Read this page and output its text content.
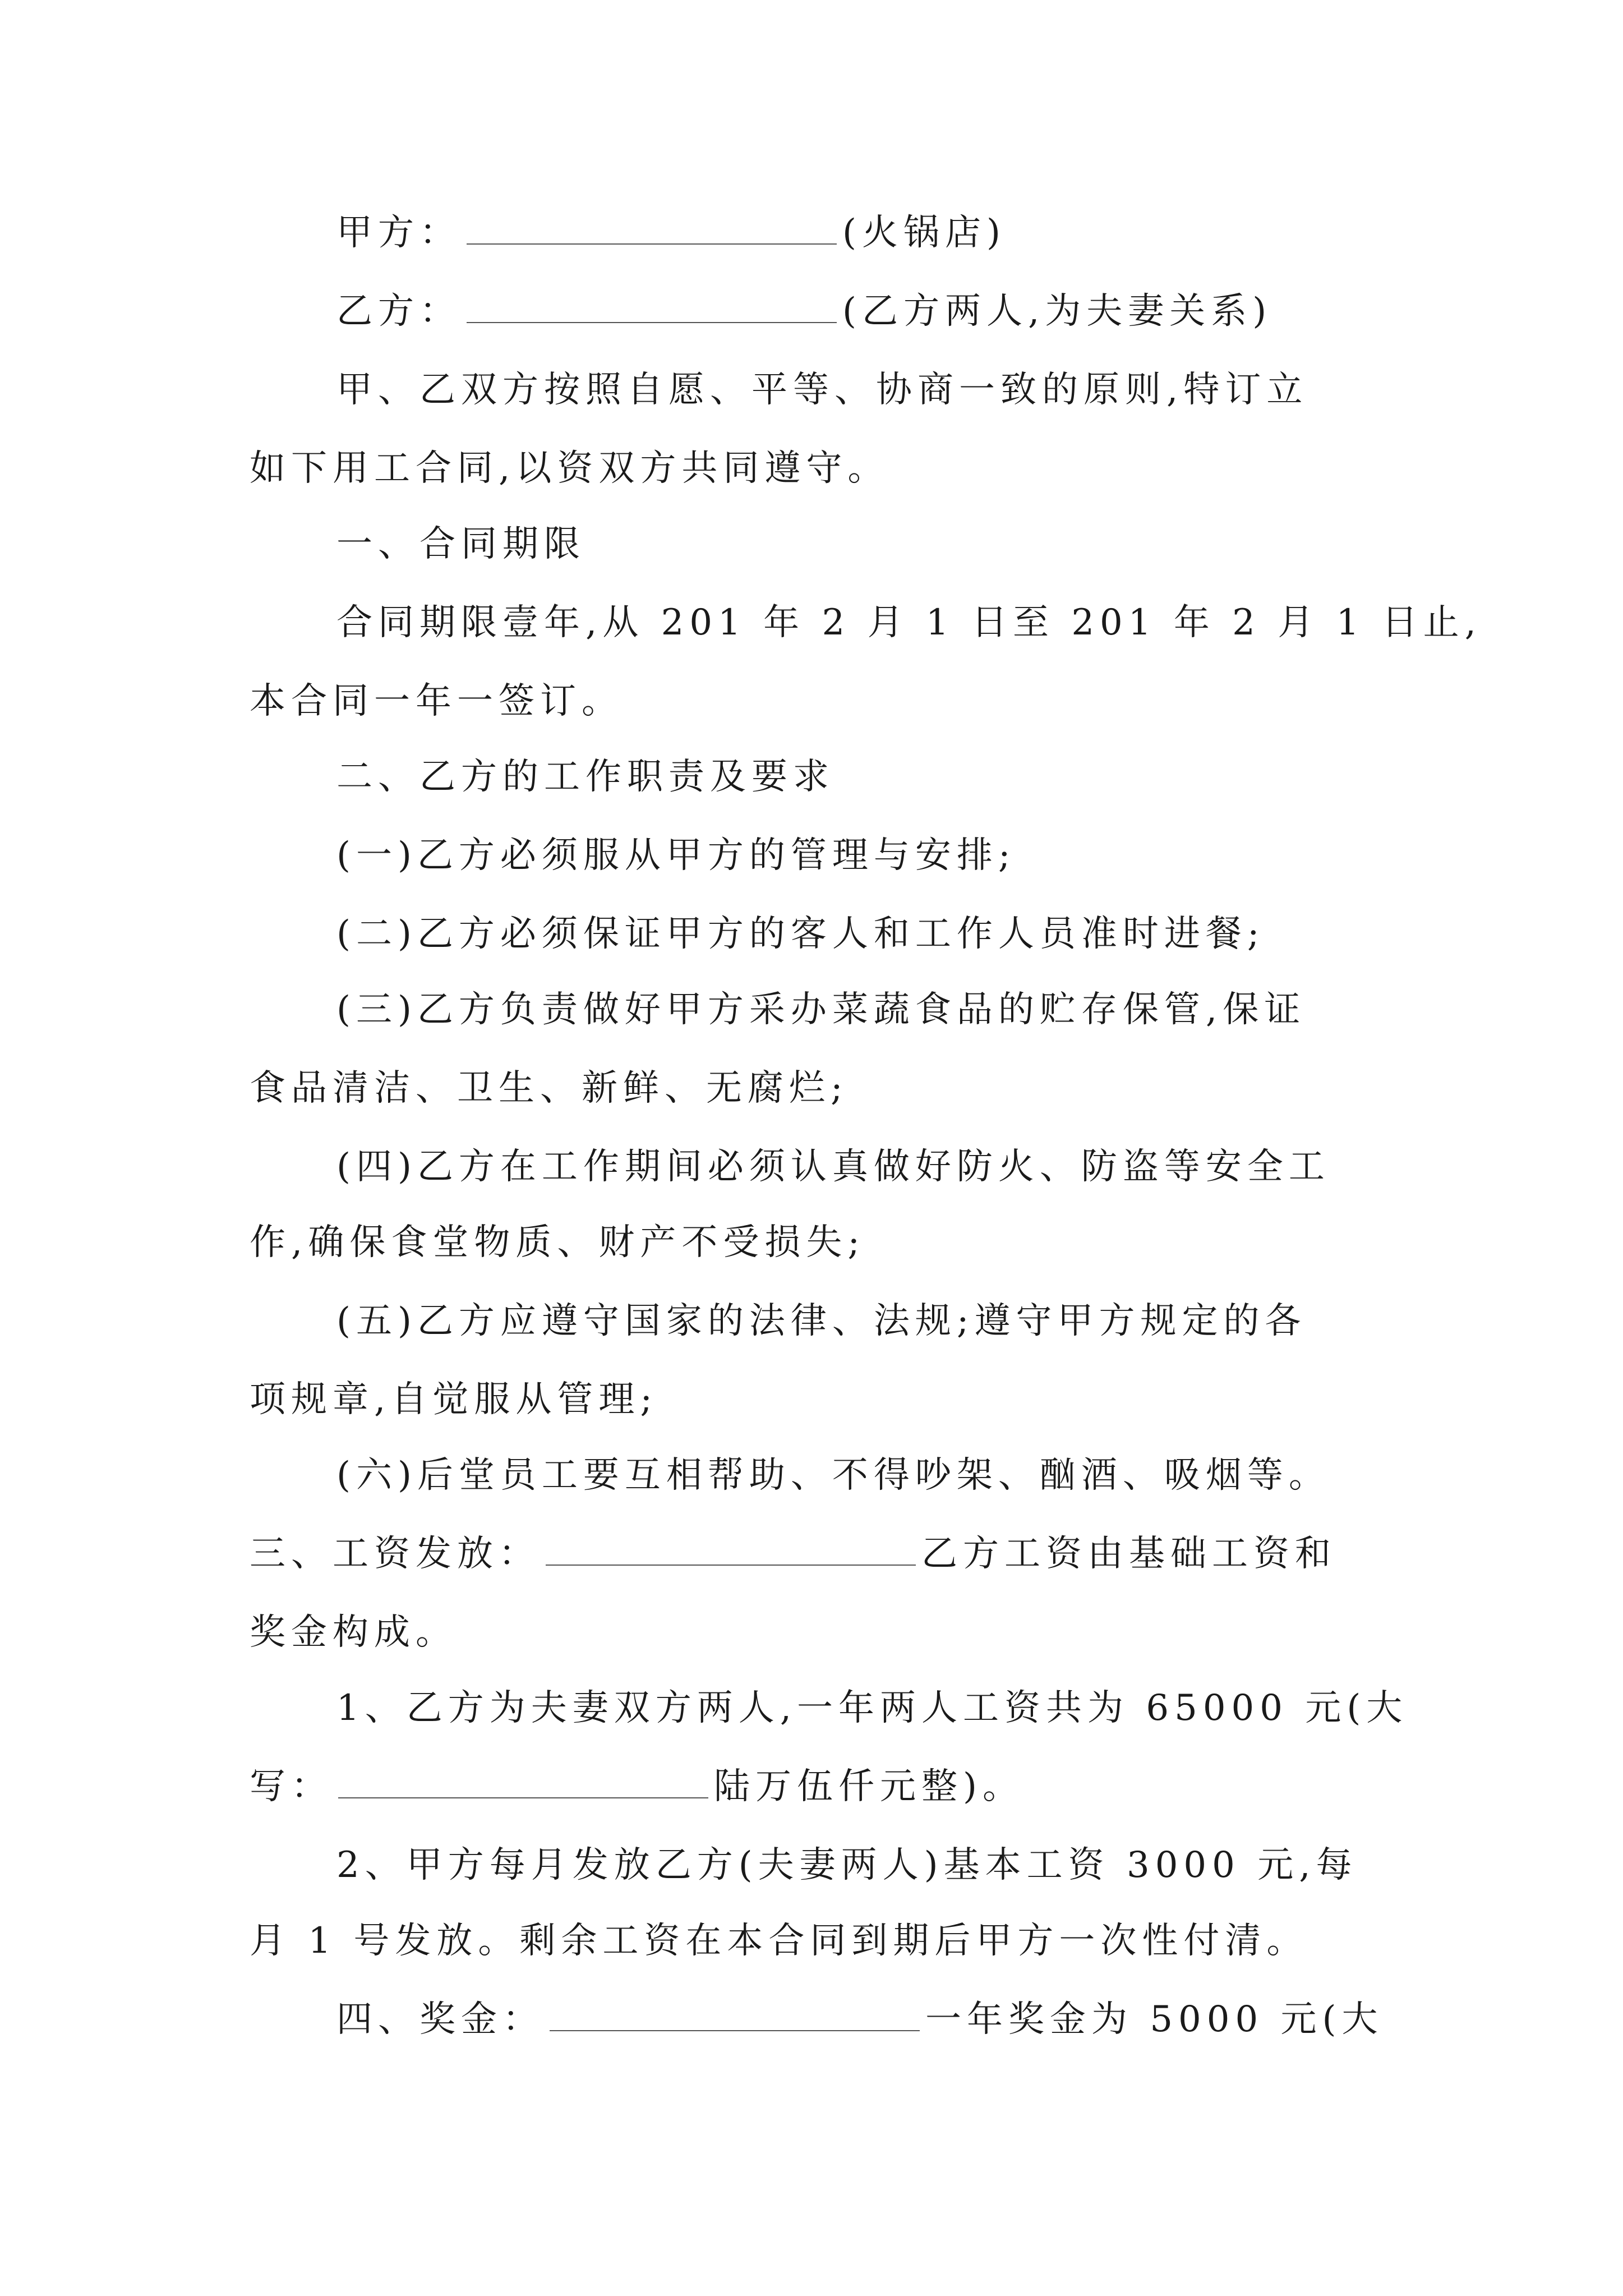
甲方：	(火锅店)
乙方：	(乙方两人,为夫妻关系)
甲、乙双方按照自愿、平等、协商一致的原则,特订立
如下用工合同,以资双方共同遵守。
一、合同期限
合同期限壹年,从 201 年 2 月 1 日至 201 年 2 月 1 日止,
本合同一年一签订。
二、乙方的工作职责及要求
(一)乙方必须服从甲方的管理与安排;
(二)乙方必须保证甲方的客人和工作人员准时进餐;
(三)乙方负责做好甲方采办菜蔬食品的贮存保管,保证
食品清洁、卫生、新鲜、无腐烂;
(四)乙方在工作期间必须认真做好防火、防盗等安全工
作,确保食堂物质、财产不受损失;
(五)乙方应遵守国家的法律、法规;遵守甲方规定的各
项规章,自觉服从管理;
(六)后堂员工要互相帮助、不得吵架、酗酒、吸烟等。
三、工资发放：	乙方工资由基础工资和
奖金构成。
1、乙方为夫妻双方两人,一年两人工资共为 65000 元(大
写：	陆万伍仟元整)。
2、甲方每月发放乙方(夫妻两人)基本工资 3000 元,每
月 1 号发放。剩余工资在本合同到期后甲方一次性付清。
四、奖金：	一年奖金为 5000 元(大
